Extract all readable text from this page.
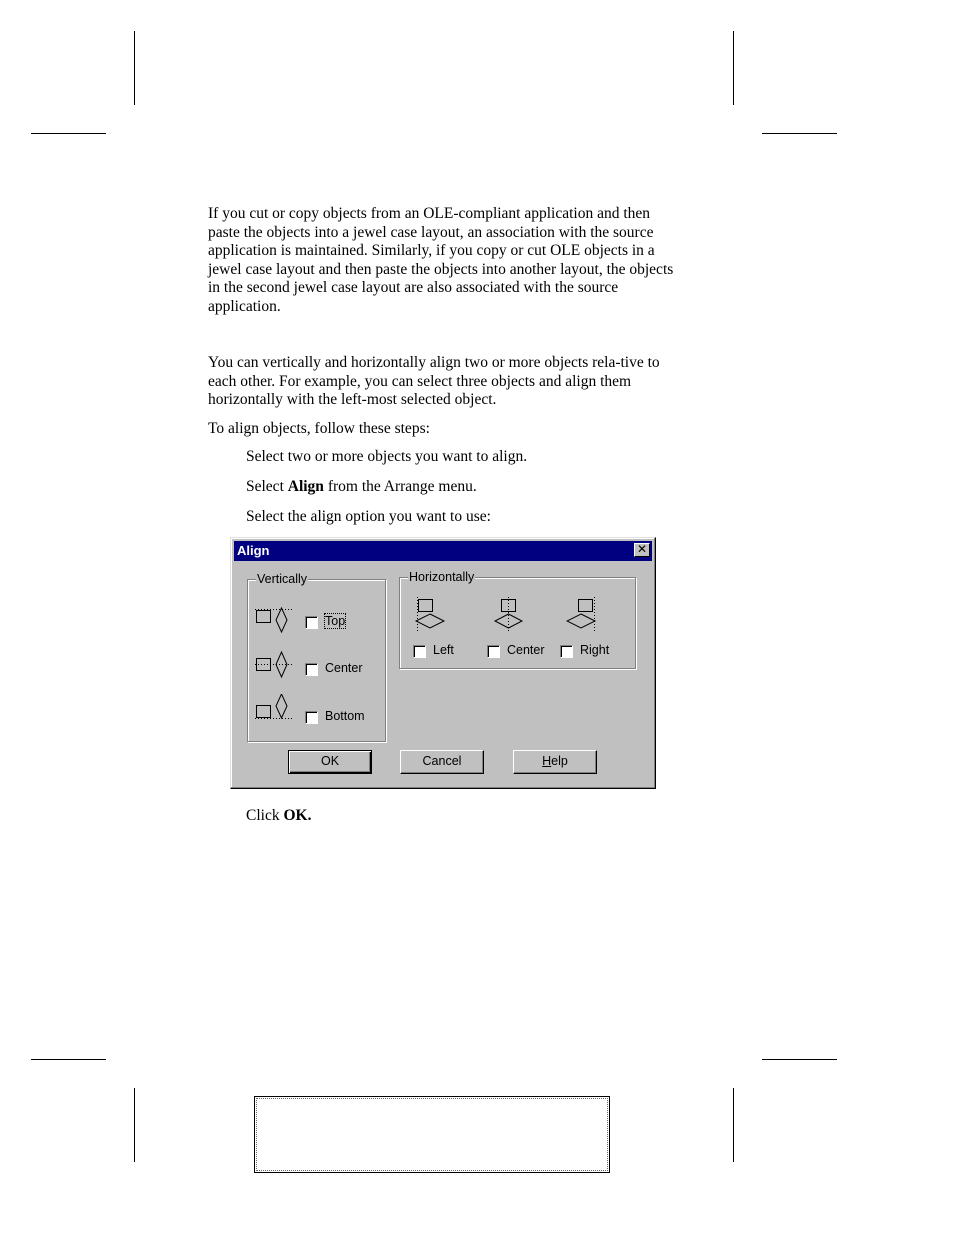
If you cut or copy objects from an OLE-compliant application and then paste the objects into a jewel case layout, an association with the source application is maintained. Similarly, if you copy or cut OLE objects in a jewel case layout and then paste the objects into another layout, the objects in the second jewel case layout are also associated with the source application.

You can vertically and horizontally align two or more objects rela-tive to each other. For example, you can select three objects and align them horizontally with the left-most selected object.

To align objects, follow these steps:

Select two or more objects you want to align.

Select Align from the Arrange menu.

Select the align option you want to use:

Align	✕
Vertically
Top
Center
Bottom
Horizontally
Left	Center	Right
OK	Cancel	Help

Click OK.
